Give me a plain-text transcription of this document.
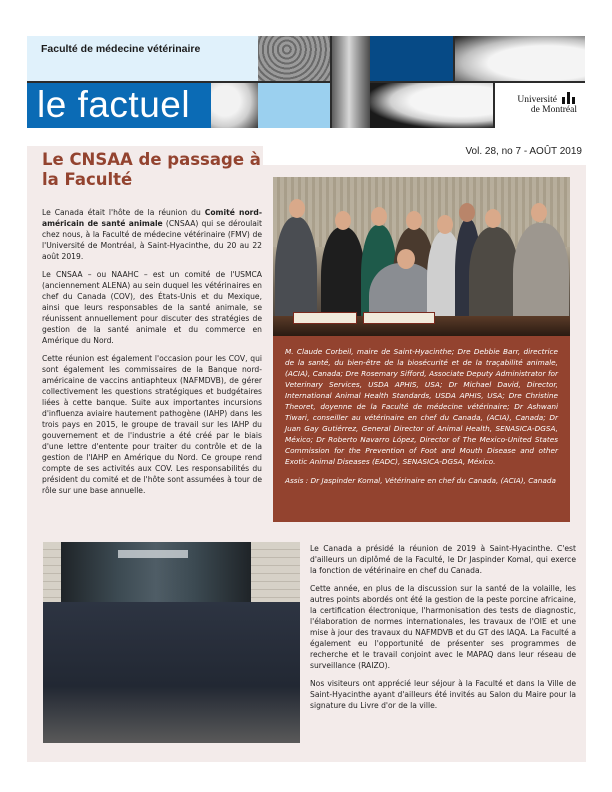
Faculté de médecine vétérinaire
le factuel	Université
de Montréal
Vol. 28, no 7 - AOÛT 2019
Le CNSAA de passage à la Faculté

Le Canada était l'hôte de la réunion du Comité nord-américain de santé animale (CNSAA) qui se déroulait chez nous, à la Faculté de médecine vétérinaire (FMV) de l'Université de Montréal, à Saint-Hyacinthe, du 20 au 22 août 2019.

Le CNSAA – ou NAAHC – est un comité de l'USMCA (anciennement ALENA) au sein duquel les vétérinaires en chef du Canada (COV), des États-Unis et du Mexique, ainsi que leurs responsables de la santé animale, se réunissent annuellement pour discuter des stratégies de gestion de la santé animale et du commerce en Amérique du Nord.

Cette réunion est également l'occasion pour les COV, qui sont également les commissaires de la Banque nord-américaine de vaccins antiaphteux (NAFMDVB), de gérer collectivement les questions stratégiques et budgétaires liées à cette banque. Suite aux importantes incursions d'influenza aviaire hautement pathogène (IAHP) dans les trois pays en 2015, le groupe de travail sur les IAHP du gouvernement et de l'industrie a été créé par le biais d'une lettre d'entente pour traiter du contrôle et de la gestion de l'IAHP en Amérique du Nord. Ce groupe rend compte de ses activités aux COV. Les responsabilités du président du comité et de l'hôte sont assumées à tour de rôle sur une base annuelle.

M. Claude Corbeil, maire de Saint-Hyacinthe; Dre Debbie Barr, directrice de la santé, du bien-être de la biosécurité et de la traçabilité animale, (ACIA), Canada; Dre Rosemary Sifford, Associate Deputy Administrator for Veterinary Services, USDA APHIS, USA; Dr Michael David, Director, International Animal Health Standards, USDA APHIS, USA; Dre Christine Theoret, doyenne de la Faculté de médecine vétérinaire; Dr Ashwani Tiwari, conseiller au vétérinaire en chef du Canada, (ACIA), Canada; Dr Juan Gay Gutiérrez, General Director of Animal Health, SENASICA-DGSA, México; Dr Roberto Navarro López, Director of The Mexico-United States Commission for the Prevention of Foot and Mouth Disease and other Exotic Animal Diseases (EADC), SENASICA-DGSA, México.

Assis : Dr Jaspinder Komal, Vétérinaire en chef du Canada, (ACIA), Canada

Le Canada a présidé la réunion de 2019 à Saint-Hyacinthe. C'est d'ailleurs un diplômé de la Faculté, le Dr Jaspinder Komal, qui exerce la fonction de vétérinaire en chef du Canada.

Cette année, en plus de la discussion sur la santé de la volaille, les autres points abordés ont été la gestion de la peste porcine africaine, la certification électronique, l'harmonisation des tests de diagnostic, l'élaboration de normes internationales, les travaux de l'OIE et une mise à jour des travaux du NAFMDVB et du GT des IAQA. La Faculté a également eu l'opportunité de présenter ses programmes de recherche et le travail conjoint avec le MAPAQ dans leur réseau de surveillance (RAIZO).

Nos visiteurs ont apprécié leur séjour à la Faculté et dans la Ville de Saint-Hyacinthe ayant d'ailleurs été invités au Salon du Maire pour la signature du Livre d'or de la ville.
